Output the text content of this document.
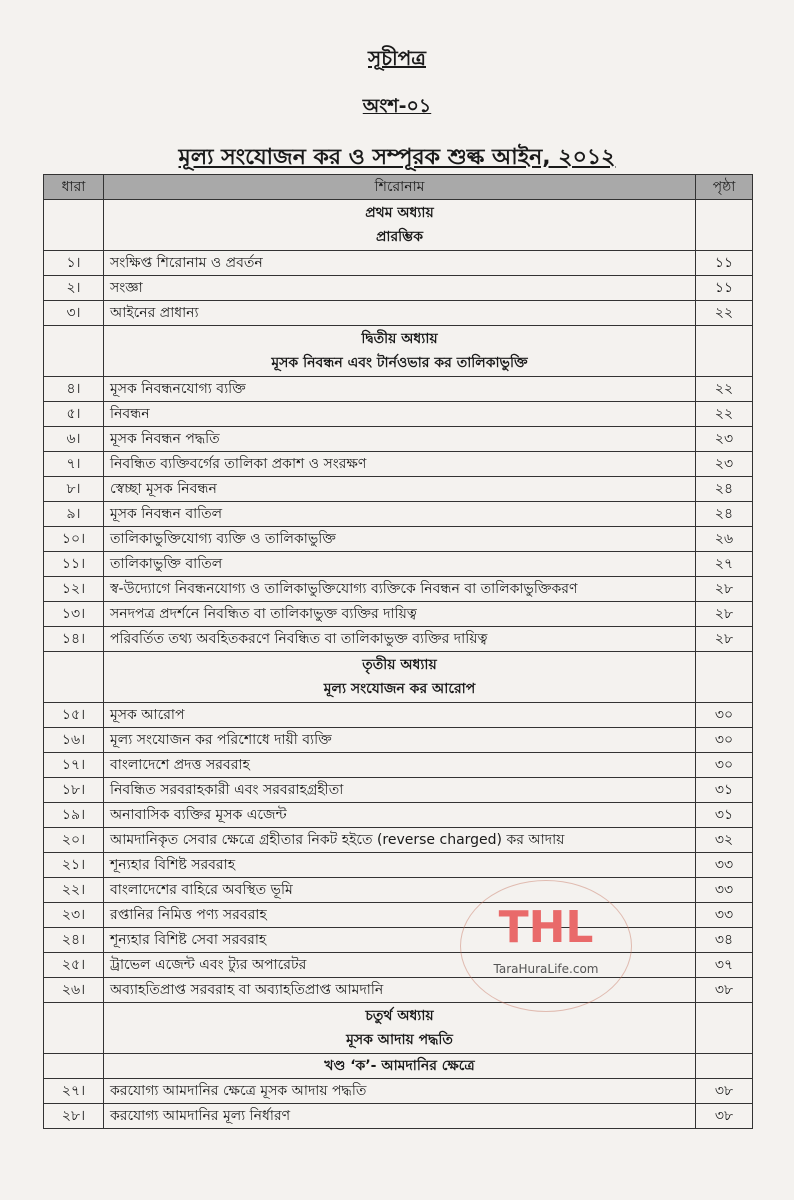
সূচীপত্র
অংশ-০১
মূল্য সংযোজন কর ও সম্পূরক শুল্ক আইন, ২০১২
ধারা	শিরোনাম	পৃষ্ঠা

	প্রথম অধ্যায়
প্রারম্ভিক	

১।	সংক্ষিপ্ত শিরোনাম ও প্রবর্তন	১১
২।	সংজ্ঞা	১১
৩।	আইনের প্রাধান্য	২২

	দ্বিতীয় অধ্যায়
মূসক নিবন্ধন এবং টার্নওভার কর তালিকাভুক্তি	

৪।	মূসক নিবন্ধনযোগ্য ব্যক্তি	২২
৫।	নিবন্ধন	২২
৬।	মূসক নিবন্ধন পদ্ধতি	২৩
৭।	নিবন্ধিত ব্যক্তিবর্গের তালিকা প্রকাশ ও সংরক্ষণ	২৩
৮।	স্বেচ্ছা মূসক নিবন্ধন	২৪
৯।	মূসক নিবন্ধন বাতিল	২৪
১০।	তালিকাভুক্তিযোগ্য ব্যক্তি ও তালিকাভুক্তি	২৬
১১।	তালিকাভুক্তি বাতিল	২৭
১২।	স্ব-উদ্যোগে নিবন্ধনযোগ্য ও তালিকাভুক্তিযোগ্য ব্যক্তিকে নিবন্ধন বা তালিকাভুক্তিকরণ	২৮
১৩।	সনদপত্র প্রদর্শনে নিবন্ধিত বা তালিকাভুক্ত ব্যক্তির দায়িত্ব	২৮
১৪।	পরিবর্তিত তথ্য অবহিতকরণে নিবন্ধিত বা তালিকাভুক্ত ব্যক্তির দায়িত্ব	২৮

	তৃতীয় অধ্যায়
মূল্য সংযোজন কর আরোপ	

১৫।	মূসক আরোপ	৩০
১৬।	মূল্য সংযোজন কর পরিশোধে দায়ী ব্যক্তি	৩০
১৭।	বাংলাদেশে প্রদত্ত সরবরাহ	৩০
১৮।	নিবন্ধিত সরবরাহকারী এবং সরবরাহগ্রহীতা	৩১
১৯।	অনাবাসিক ব্যক্তির মূসক এজেন্ট	৩১
২০।	আমদানিকৃত সেবার ক্ষেত্রে গ্রহীতার নিকট হইতে (reverse charged) কর আদায়	৩২
২১।	শূন্যহার বিশিষ্ট সরবরাহ	৩৩
২২।	বাংলাদেশের বাহিরে অবস্থিত ভূমি	৩৩
২৩।	রপ্তানির নিমিত্ত পণ্য সরবরাহ	৩৩
২৪।	শূন্যহার বিশিষ্ট সেবা সরবরাহ	৩৪
২৫।	ট্রাভেল এজেন্ট এবং ট্যুর অপারেটর	৩৭
২৬।	অব্যাহতিপ্রাপ্ত সরবরাহ বা অব্যাহতিপ্রাপ্ত আমদানি	৩৮

	চতুর্থ অধ্যায়
মূসক আদায় পদ্ধতি	

	খণ্ড ‘ক’- আমদানির ক্ষেত্রে	
২৭।	করযোগ্য আমদানির ক্ষেত্রে মূসক আদায় পদ্ধতি	৩৮
২৮।	করযোগ্য আমদানির মূল্য নির্ধারণ	৩৮
THL
TaraHuraLife.com
